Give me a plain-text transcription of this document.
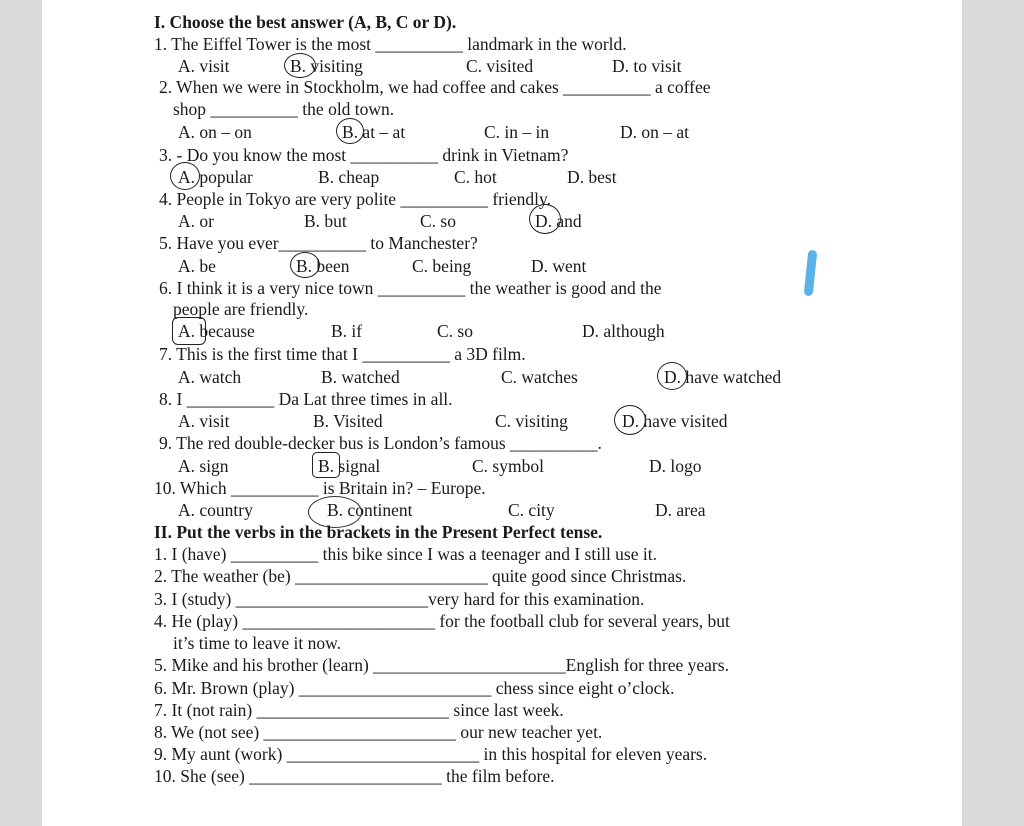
I. Choose the best answer (A, B, C or D).
1. The Eiffel Tower is the most __________ landmark in the world.
A. visit	B. visiting	C. visited	D. to visit
2. When we were in Stockholm, we had coffee and cakes __________ a coffee
shop __________ the old town.
A. on – on	B. at – at	C. in – in	D. on – at
3. - Do you know the most __________ drink in Vietnam?
A. popular	B. cheap	C. hot	D. best
4. People in Tokyo are very polite __________ friendly.
A. or	B. but	C. so	D. and
5. Have you ever__________ to Manchester?
A. be	B. been	C. being	D. went
6. I think it is a very nice town __________ the weather is good and the
people are friendly.
A. because	B. if	C. so	D. although
7. This is the first time that I __________ a 3D film.
A. watch	B. watched	C. watches	D. have watched
8. I __________ Da Lat three times in all.
A. visit	B. Visited	C. visiting	D. have visited
9. The red double-decker bus is London’s famous __________.
A. sign	B. signal	C. symbol	D. logo
10. Which __________ is Britain in? – Europe.
A. country	B. continent	C. city	D. area
II. Put the verbs in the brackets in the Present Perfect tense.
1. I (have) __________ this bike since I was a teenager and I still use it.
2. The weather (be) ______________________ quite good since Christmas.
3. I (study) ______________________very hard for this examination.
4. He (play) ______________________ for the football club for several years, but
it’s time to leave it now.
5. Mike and his brother (learn) ______________________English for three years.
6. Mr. Brown (play) ______________________ chess since eight o’clock.
7. It (not rain) ______________________ since last week.
8. We (not see) ______________________ our new teacher yet.
9. My aunt (work) ______________________ in this hospital for eleven years.
10. She (see) ______________________ the film before.
